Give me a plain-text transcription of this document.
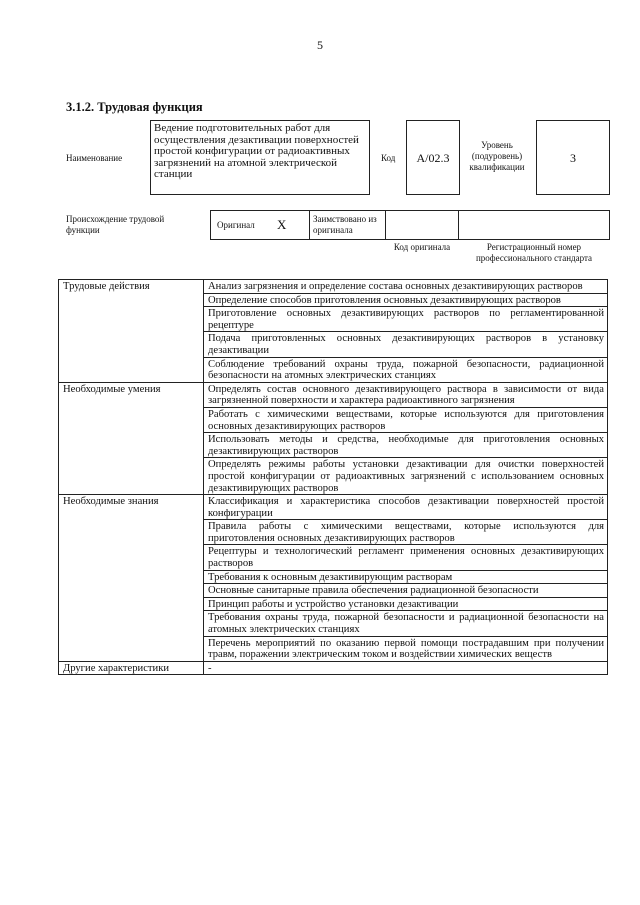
5
3.1.2. Трудовая функция
Наименование
Ведение подготовительных работ для осуществления дезактивации поверхностей простой конфигурации от радиоактивных загрязнений на атомной электрической станции
Код	A/02.3
Уровень (подуровень) квалификации
3
Происхождение трудовой функции	Оригинал X	Заимствовано из оригинала
Код оригинала	Регистрационный номер профессионального стандарта
Трудовые действия	Анализ загрязнения и определение состава основных дезактивирующих растворов
	Определение способов приготовления основных дезактивирующих растворов
	Приготовление основных дезактивирующих растворов по регламентированной рецептуре
	Подача приготовленных основных дезактивирующих растворов в установку дезактивации
	Соблюдение требований охраны труда, пожарной безопасности, радиационной безопасности на атомных электрических станциях
Необходимые умения	Определять состав основного дезактивирующего раствора в зависимости от вида загрязненной поверхности и характера радиоактивного загрязнения
	Работать с химическими веществами, которые используются для приготовления основных дезактивирующих растворов
	Использовать методы и средства, необходимые для приготовления основных дезактивирующих растворов
	Определять режимы работы установки дезактивации для очистки поверхностей простой конфигурации от радиоактивных загрязнений с использованием основных дезактивирующих растворов
Необходимые знания	Классификация и характеристика способов дезактивации поверхностей простой конфигурации
	Правила работы с химическими веществами, которые используются для приготовления основных дезактивирующих растворов
	Рецептуры и технологический регламент применения основных дезактивирующих растворов
	Требования к основным дезактивирующим растворам
	Основные санитарные правила обеспечения радиационной безопасности
	Принцип работы и устройство установки дезактивации
	Требования охраны труда, пожарной безопасности и радиационной безопасности на атомных электрических станциях
	Перечень мероприятий по оказанию первой помощи пострадавшим при получении травм, поражении электрическим током и воздействии химических веществ
Другие характеристики	-
